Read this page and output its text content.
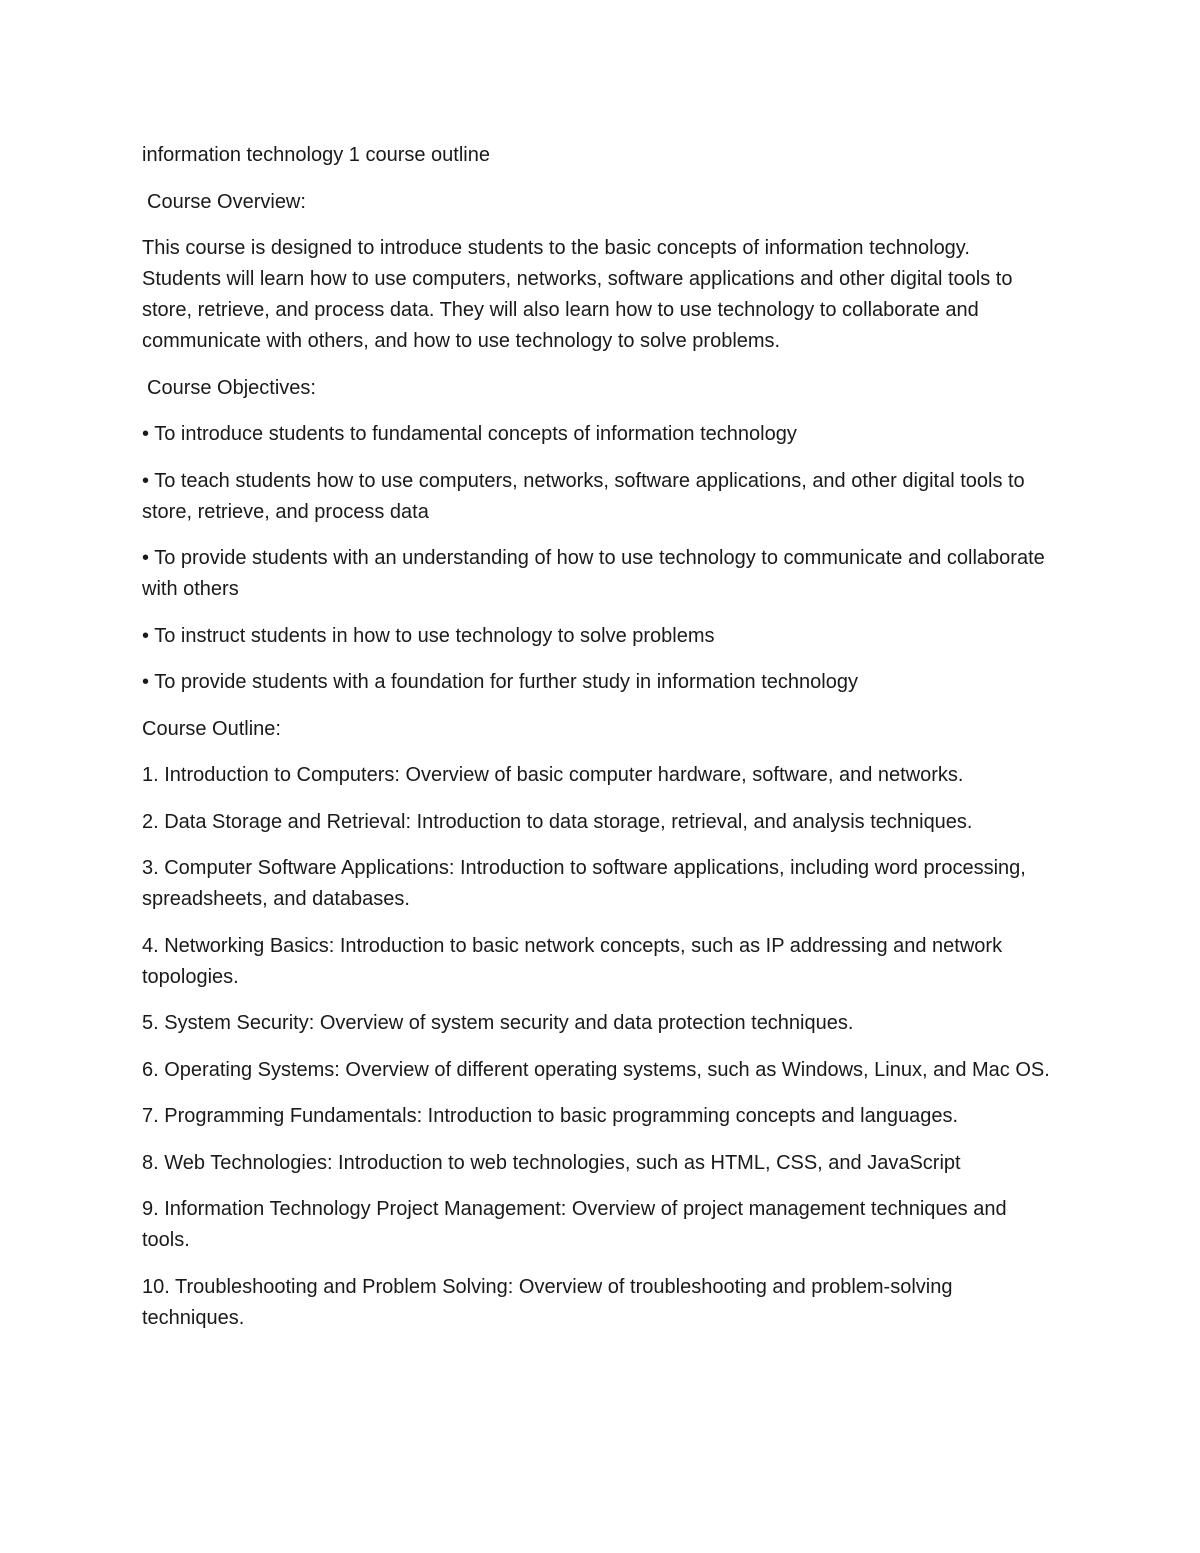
information technology 1 course outline

Course Overview:

This course is designed to introduce students to the basic concepts of information technology. Students will learn how to use computers, networks, software applications and other digital tools to store, retrieve, and process data. They will also learn how to use technology to collaborate and communicate with others, and how to use technology to solve problems.

Course Objectives:

• To introduce students to fundamental concepts of information technology

• To teach students how to use computers, networks, software applications, and other digital tools to store, retrieve, and process data

• To provide students with an understanding of how to use technology to communicate and collaborate with others

• To instruct students in how to use technology to solve problems

• To provide students with a foundation for further study in information technology

Course Outline:

1. Introduction to Computers: Overview of basic computer hardware, software, and networks.

2. Data Storage and Retrieval: Introduction to data storage, retrieval, and analysis techniques.

3. Computer Software Applications: Introduction to software applications, including word processing, spreadsheets, and databases.

4. Networking Basics: Introduction to basic network concepts, such as IP addressing and network topologies.

5. System Security: Overview of system security and data protection techniques.

6. Operating Systems: Overview of different operating systems, such as Windows, Linux, and Mac OS.

7. Programming Fundamentals: Introduction to basic programming concepts and languages.

8. Web Technologies: Introduction to web technologies, such as HTML, CSS, and JavaScript

9. Information Technology Project Management: Overview of project management techniques and tools.

10. Troubleshooting and Problem Solving: Overview of troubleshooting and problem-solving techniques.
